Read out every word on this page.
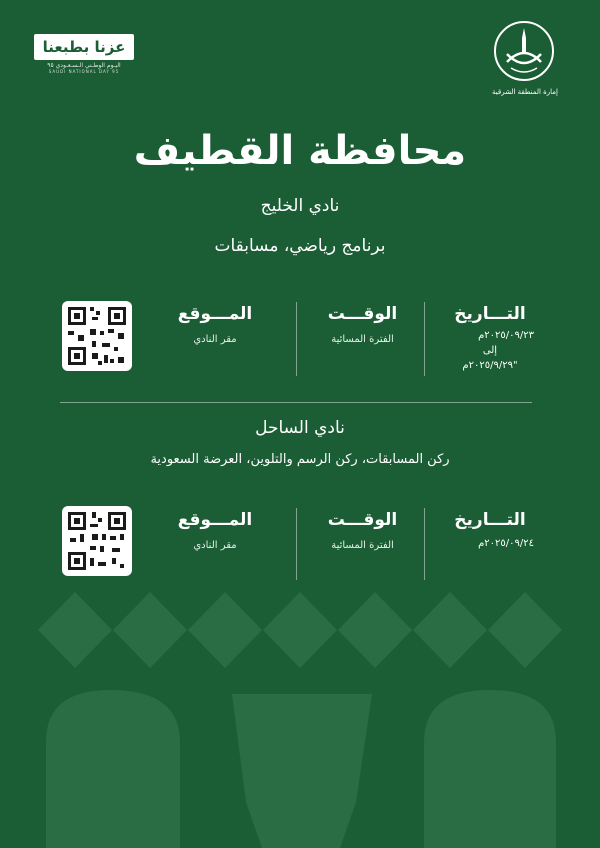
عزنا بطبعنا
اليـوم الوطـني الـسـعـودي ٩٥
SAUDI NATIONAL DAY 95
إمارة المنطقة الشرقية
محافظة القطيف
نادي الخليج
برنامج رياضي، مسابقات
التـــاريخ
٢٠٢٥/٠٩/٢٣م
إلى
٢٠٢٥/٩/٢٩م"
الوقـــت
الفترة المسائية
المـــوقع
مقر النادي
نادي الساحل
ركن المسابقات، ركن الرسم والتلوين، العرضة السعودية
التـــاريخ
٢٠٢٥/٠٩/٢٤م
الوقـــت
الفترة المسائية
المـــوقع
مقر النادي
